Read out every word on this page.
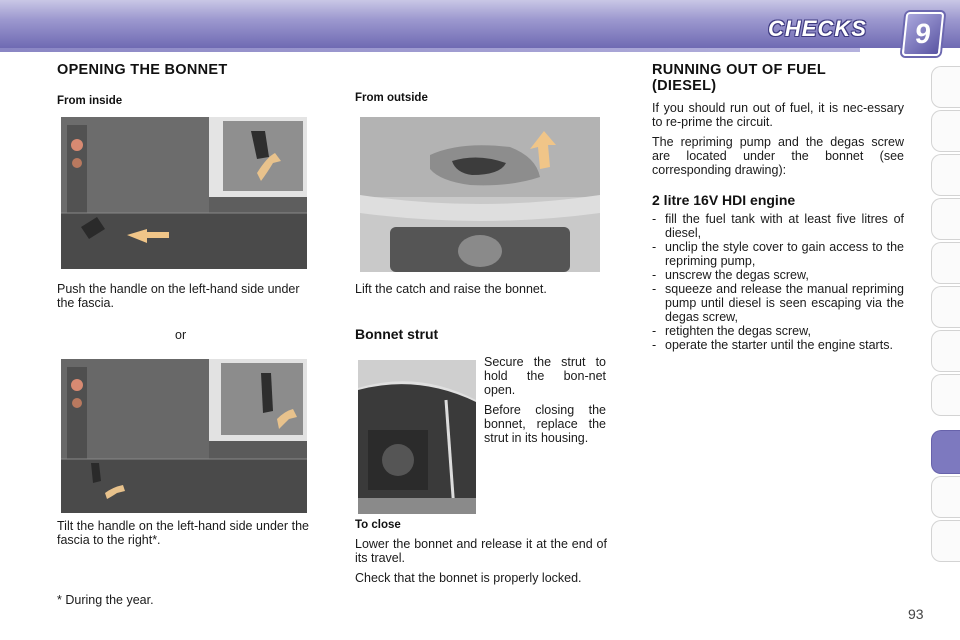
CHECKS	9
OPENING THE BONNET
From inside
Push the handle on the left-hand side under the fascia.
or
Tilt the handle on the left-hand side under the fascia to the right*.
* During the year.
From outside
Lift the catch and raise the bonnet.
Bonnet strut

Secure the strut to hold the bon-net open.

Before closing the bonnet, replace the strut in its housing.

To close

Lower the bonnet and release it at the end of its travel.

Check that the bonnet is properly locked.

RUNNING OUT OF FUEL (DIESEL)

If you should run out of fuel, it is nec-essary to re-prime the circuit.

The repriming pump and the degas screw are located under the bonnet (see corresponding drawing):

2 litre 16V HDI engine
- fill the fuel tank with at least five litres of diesel,
- unclip the style cover to gain access to the repriming pump,
- unscrew the degas screw,
- squeeze and release the manual repriming pump until diesel is seen escaping via the degas screw,
- retighten the degas screw,
- operate the starter until the engine starts.
93
